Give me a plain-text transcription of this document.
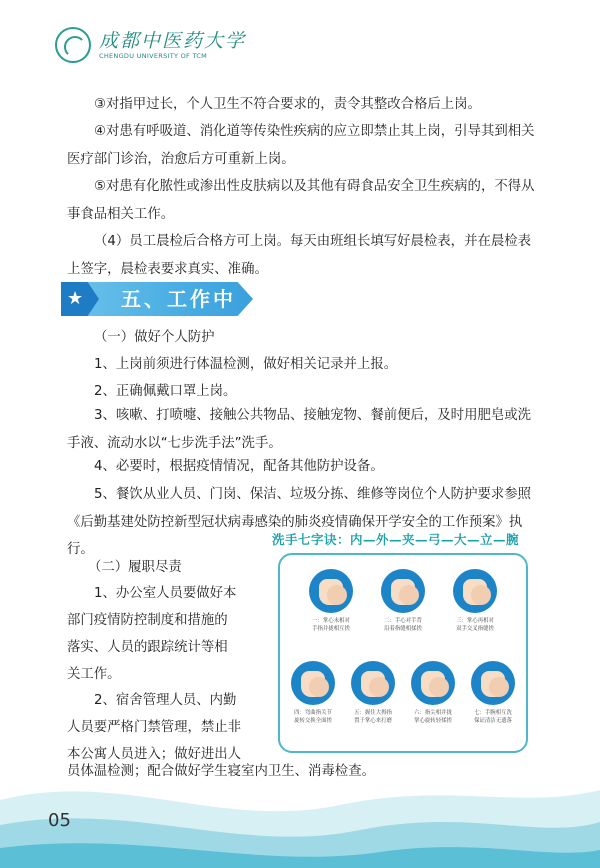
成都中医药大学
CHENGDU UNIVERSITY OF TCM

③对指甲过长，个人卫生不符合要求的，责令其整改合格后上岗。

④对患有呼吸道、消化道等传染性疾病的应立即禁止其上岗，引导其到相关医疗部门诊治，治愈后方可重新上岗。

⑤对患有化脓性或渗出性皮肤病以及其他有碍食品安全卫生疾病的，不得从事食品相关工作。

（4）员工晨检后合格方可上岗。每天由班组长填写好晨检表，并在晨检表上签字，晨检表要求真实、准确。

★ 五、工作中

（一）做好个人防护

1、上岗前须进行体温检测，做好相关记录并上报。

2、正确佩戴口罩上岗。

3、咳嗽、打喷嚏、接触公共物品、接触宠物、餐前便后，及时用肥皂或洗手液、流动水以“七步洗手法”洗手。

4、必要时，根据疫情情况，配备其他防护设备。

5、餐饮从业人员、门岗、保洁、垃圾分拣、维修等岗位个人防护要求参照《后勤基建处防控新型冠状病毒感染的肺炎疫情确保开学安全的工作预案》执行。

（二）履职尽责

1、办公室人员要做好本
部门疫情防控制度和措施的
落实、人员的跟踪统计等相
关工作。
2、宿舍管理人员、内勤
人员要严格门禁管理，禁止非
本公寓人员进入；做好进出人

员体温检测；配合做好学生寝室内卫生、消毒检查。

洗手七字诀：内—外—夹—弓—大—立—腕
一：掌心未相对
手指并拢相互搓
二：手心对手背
沿着指缝相揉搓
三：掌心再相对
双手交叉指缝搓
四：弯曲指关节
旋转交换全面搓
五：握住大拇指
置于掌心来打磨
六：指尖相并拢
掌心旋转轻揉搓
七：手腕相互洗
保证清洁无遗落
05
